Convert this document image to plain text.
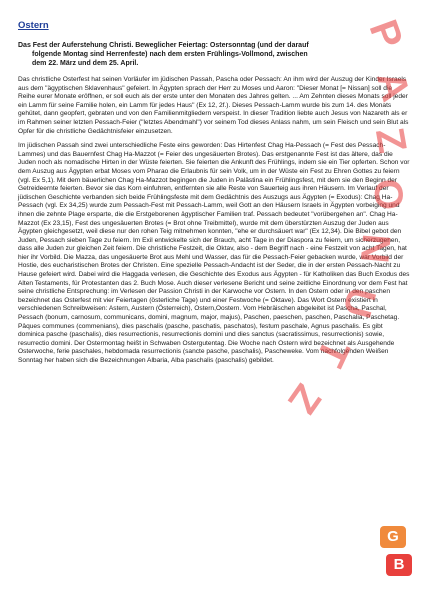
Ostern
Das Fest der Auferstehung Christi. Beweglicher Feiertag: Ostersonntag (und der darauf
folgende Montag sind Herrenfeste) nach dem ersten Frühlings-Vollmond, zwischen
dem 22. März und dem 25. April.

Das christliche Osterfest hat seinen Vorläufer im jüdischen Passah, Pascha oder Pessach: An ihm wird der Auszug der Kinder Israels aus dem "ägyptischen Sklavenhaus" gefeiert. In Ägypten sprach der Herr zu Moses und Aaron: "Dieser Monat [= Nissan] soll die Reihe eurer Monate eröffnen, er soll euch als der erste unter den Monaten des Jahres gelten. ... Am Zehnten dieses Monats soll jeder ein Lamm für seine Familie holen, ein Lamm für jedes Haus" (Ex 12, 2f.). Dieses Pessach-Lamm wurde bis zum 14. des Monats gehütet, dann geopfert, gebraten und von den Familienmitgliedern verspeist. In dieser Tradition liebte auch Jesus von Nazareth als er im Rahmen seiner letzten Pessach-Feier ("letztes Abendmahl") vor seinem Tod dieses Anlass nahm, um sein Fleisch und sein Blut als Opfer für die christliche Gedächtnisfeier einzusetzen.

Im jüdischen Passah sind zwei unterschiedliche Feste eins geworden: Das Hirtenfest Chag Ha-Pessach (= Fest des Pessach-Lammes) und das Bauernfest Chag Ha-Mazzot (= Feier des ungesäuerten Brotes). Das erstgenannte Fest ist das ältere, das die Juden noch als nomadische Hirten in der Wüste feierten. Sie feierten die Ankunft des Frühlings, indem sie ein Tier opferten. Schon vor dem Auszug aus Ägypten erbat Moses vom Pharao die Erlaubnis für sein Volk, um in der Wüste ein Fest zu Ehren Gottes zu feiern (vgl. Ex 5,1). Mit dem bäuerlichen Chag Ha-Mazzot begingen die Juden in Palästina ein Frühlingsfest, mit dem sie den Beginn der Getreideernte feierten. Bevor sie das Korn einfuhren, entfernten sie alle Reste von Sauerteig aus ihren Häusern. Im Verlauf der jüdischen Geschichte verbanden sich beide Frühlingsfeste mit dem Gedächtnis des Auszugs aus Ägypten (= Exodus): Chag Ha-Pessach (vgl. Ex 34,25) wurde zum Pessach-Fest mit Pessach-Lamm, weil Gott an den Häusern Israels in Ägypten vorbeiging und ihnen die zehnte Plage ersparte, die die Erstgeborenen ägyptischer Familien traf. Pessach bedeutet "vorübergehen an". Chag Ha-Mazzot (Ex 23,15), Fest des ungesäuerten Brotes (= Brot ohne Treibmittel), wurde mit dem überstürzten Auszug der Juden aus Ägypten gleichgesetzt, weil diese nur den rohen Teig mitnehmen konnten, "ehe er durchsäuert war" (Ex 12,34). Die Bibel gebot den Juden, Pessach sieben Tage zu feiern. Im Exil entwickelte sich der Brauch, acht Tage in der Diaspora zu feiern, um sicherzugehen, dass alle Juden zur gleichen Zeit feiern. Die christliche Festzeit, die Oktav, also - dem Begriff nach - eine Festzeit von acht Tagen, hat hier ihr Vorbild. Die Mazza, das ungesäuerte Brot aus Mehl und Wasser, das für die Pessach-Feier gebacken wurde, war Vorbild der Hostie, des eucharistischen Brotes der Christen. Eine spezielle Pessach-Andacht ist der Seder, die in der ersten Pessach-Nacht zu Hause gefeiert wird. Dabei wird die Haggada verlesen, die Geschichte des Exodus aus Ägypten - für Katholiken das Buch Exodus des Alten Testaments, für Protestanten das 2. Buch Mose. Auch dieser verlesene Bericht und seine zeitliche Einordnung vor dem Fest hat seine christliche Entsprechung: im Verlesen der Passion Christi in der Karwoche vor Ostern. In den Ostern oder in den paschen bezeichnet das Osterfest mit vier Feiertagen (österliche Tage) und einer Festwoche (= Oktave). Das Wort Ostern existiert in verschiedenen Schreibweisen: Astern, Austern (Österreich), Ostern,Oostern. Vom Hebräischen abgeleitet ist Pascha, Paschal, Pessach (bonum, carnosum, communicans, domini, magnum, major, majus), Paschen, paeschen, paschen, Paschalia, Paschetag. Pâques communes (commenians), dies paschalis (pasche, paschatis, paschatos), festum paschale, Agnus paschalis. Es gibt dominica pasche (paschalis), dies resurrectionis, resurrectionis domini und dies sanctus (sacratissimus, resurrectionis) sowie, resurrectio domini. Der Ostermontag heißt in Schwaben Ostergutentag. Die Woche nach Ostern wird bezeichnet als Ausgehende Osterwoche, ferie paschales, hebdomada resurrectionis (sancte pasche, paschalis), Pascheweke. Vom nachfolgenden Weißen Sonntag her haben sich die Bezeichnungen Albaria, Alba paschalis (paschalis) gebildet.

P
A
Z
O
N
U
T
Z
G
B
